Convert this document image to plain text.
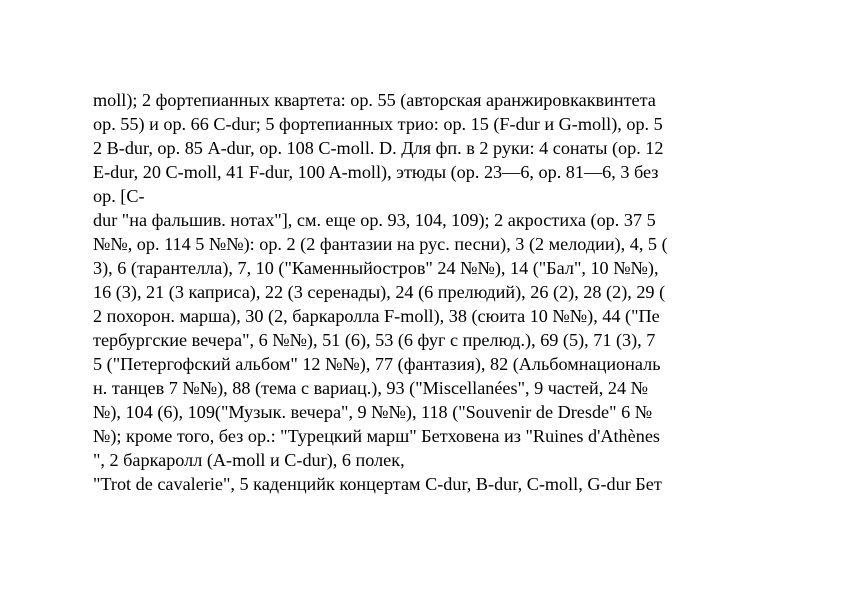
moll); 2 фортепианных квартета: ор. 55 (авторская аранжировкаквинтета
ор. 55) и ор. 66 C-dur; 5 фортепианных трио: ор. 15 (F-dur и G-moll), ор. 5
2 B-dur, ор. 85 A-dur, ор. 108 C-moll. D. Для фп. в 2 руки: 4 сонаты (ор. 12
E-dur, 20 C-moll, 41 F-dur, 100 A-moll), этюды (ор. 23—6, ор. 81—6, 3 без
ор. [C-
dur "на фальшив. нотах"], см. еще ор. 93, 104, 109); 2 акростиха (ор. 37 5
№№, ор. 114 5 №№): ор. 2 (2 фантазии на рус. песни), 3 (2 мелодии), 4, 5 (
3), 6 (тарантелла), 7, 10 ("Каменныйостров" 24 №№), 14 ("Бал", 10 №№),
16 (3), 21 (3 каприса), 22 (3 серенады), 24 (6 прелюдий), 26 (2), 28 (2), 29 (
2 похорон. марша), 30 (2, баркаролла F-moll), 38 (сюита 10 №№), 44 ("Пе
тербургские вечера", 6 №№), 51 (6), 53 (6 фуг с прелюд.), 69 (5), 71 (3), 7
5 ("Петергофский альбом" 12 №№), 77 (фантазия), 82 (Альбомнациональ
н. танцев 7 №№), 88 (тема с вариац.), 93 ("Miscellanées", 9 частей, 24 №
№), 104 (6), 109("Музык. вечера", 9 №№), 118 ("Souvenir de Dresde" 6 №
№); кроме того, без ор.: "Турецкий марш" Бетховена из "Ruines d'Athènes
", 2 баркаролл (A-moll и C-dur), 6 полек,
"Trot de cavalerie", 5 каденцийк концертам C-dur, B-dur, C-moll, G-dur Бет
